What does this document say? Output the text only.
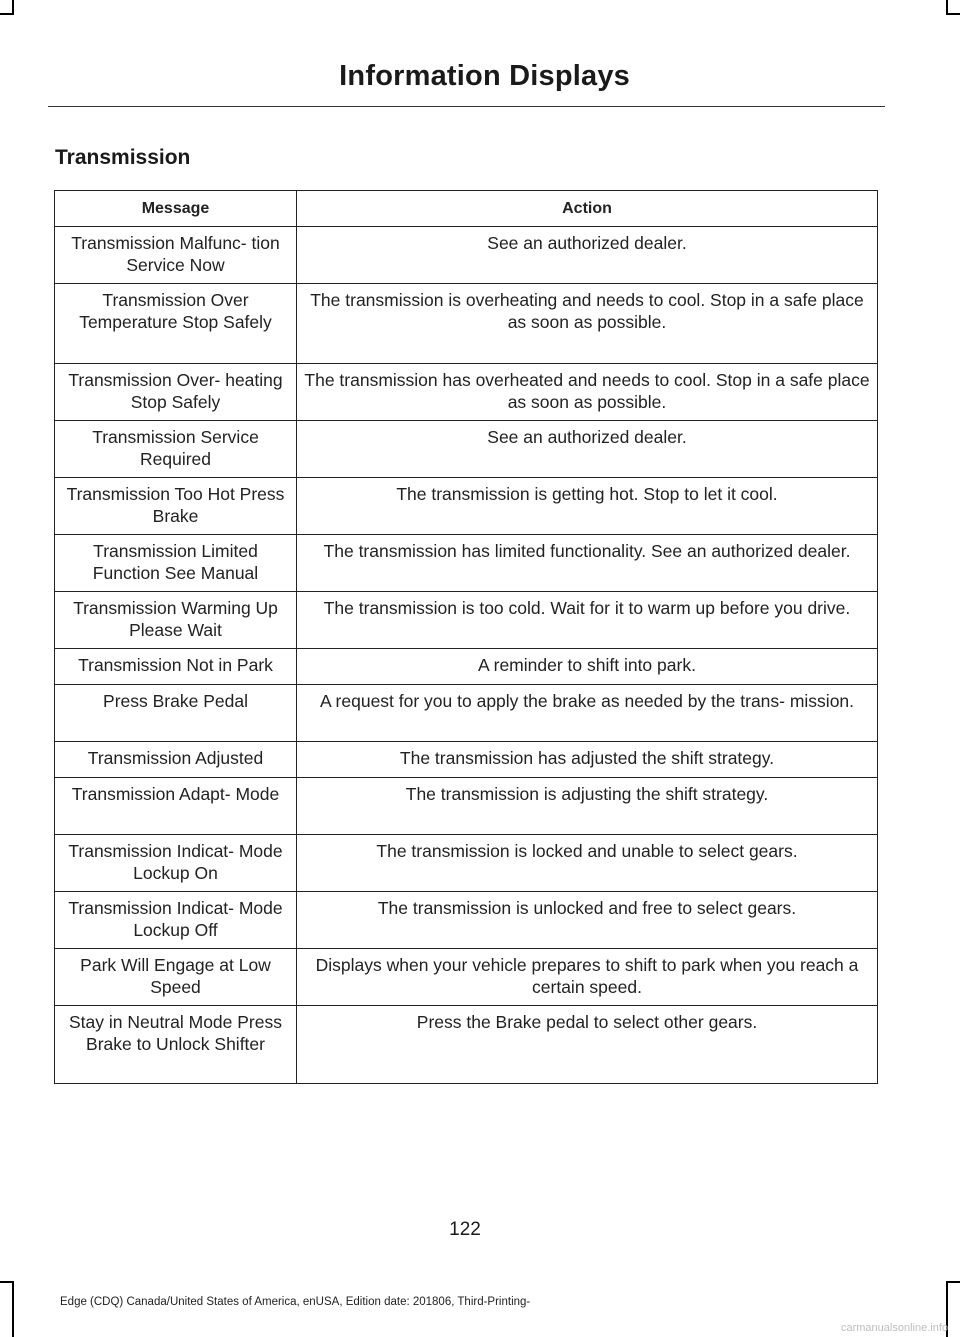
Information Displays
Transmission
Message	Action
Transmission Malfunc- tion Service Now	See an authorized dealer.
Transmission Over Temperature Stop Safely	The transmission is overheating and needs to cool. Stop in a safe place as soon as possible.
Transmission Over- heating Stop Safely	The transmission has overheated and needs to cool. Stop in a safe place as soon as possible.
Transmission Service Required	See an authorized dealer.
Transmission Too Hot Press Brake	The transmission is getting hot. Stop to let it cool.
Transmission Limited Function See Manual	The transmission has limited functionality. See an authorized dealer.
Transmission Warming Up Please Wait	The transmission is too cold. Wait for it to warm up before you drive.
Transmission Not in Park	A reminder to shift into park.
Press Brake Pedal	A request for you to apply the brake as needed by the trans- mission.
Transmission Adjusted	The transmission has adjusted the shift strategy.
Transmission Adapt- Mode	The transmission is adjusting the shift strategy.
Transmission Indicat- Mode Lockup On	The transmission is locked and unable to select gears.
Transmission Indicat- Mode Lockup Off	The transmission is unlocked and free to select gears.
Park Will Engage at Low Speed	Displays when your vehicle prepares to shift to park when you reach a certain speed.
Stay in Neutral Mode Press Brake to Unlock Shifter	Press the Brake pedal to select other gears.
122
Edge (CDQ) Canada/United States of America, enUSA, Edition date: 201806, Third-Printing-
carmanualsonline.info
